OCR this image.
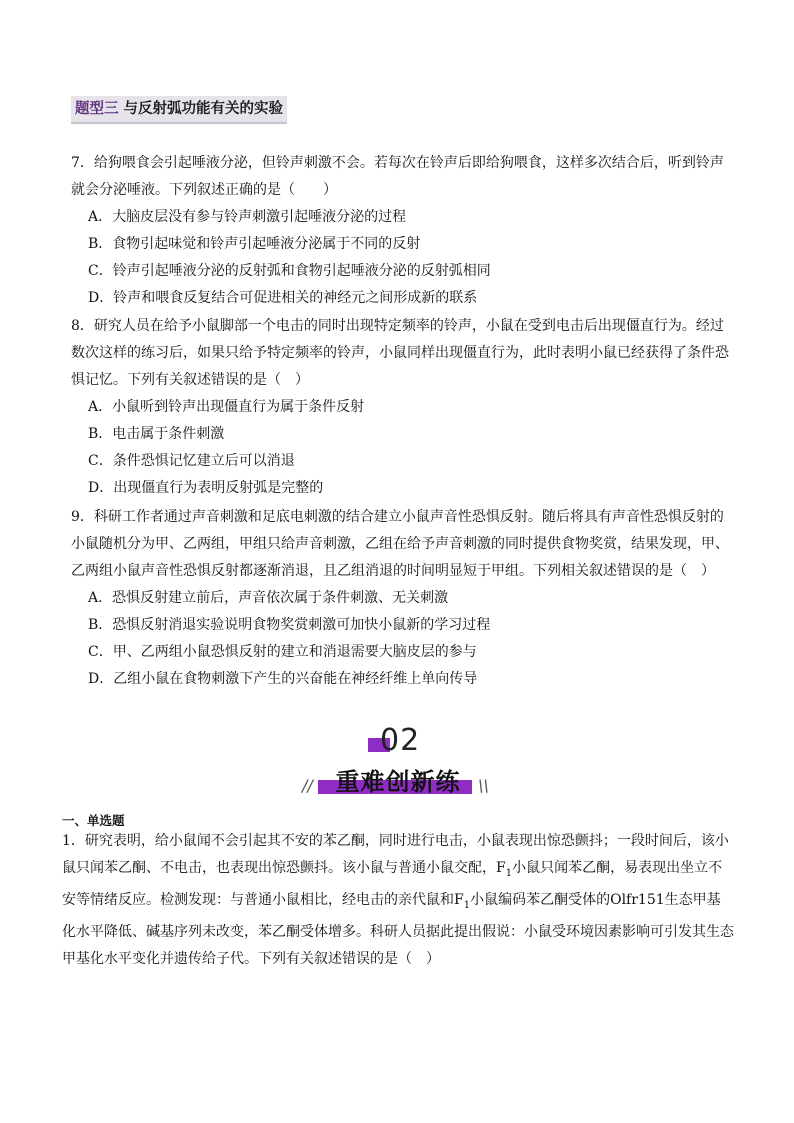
题型三 与反射弧功能有关的实验
7．给狗喂食会引起唾液分泌，但铃声刺激不会。若每次在铃声后即给狗喂食，这样多次结合后，听到铃声就会分泌唾液。下列叙述正确的是（　　）
A．大脑皮层没有参与铃声刺激引起唾液分泌的过程
B．食物引起味觉和铃声引起唾液分泌属于不同的反射
C．铃声引起唾液分泌的反射弧和食物引起唾液分泌的反射弧相同
D．铃声和喂食反复结合可促进相关的神经元之间形成新的联系
8．研究人员在给予小鼠脚部一个电击的同时出现特定频率的铃声，小鼠在受到电击后出现僵直行为。经过数次这样的练习后，如果只给予特定频率的铃声，小鼠同样出现僵直行为，此时表明小鼠已经获得了条件恐惧记忆。下列有关叙述错误的是（　）
A．小鼠听到铃声出现僵直行为属于条件反射
B．电击属于条件刺激
C．条件恐惧记忆建立后可以消退
D．出现僵直行为表明反射弧是完整的
9．科研工作者通过声音刺激和足底电刺激的结合建立小鼠声音性恐惧反射。随后将具有声音性恐惧反射的小鼠随机分为甲、乙两组，甲组只给声音刺激，乙组在给予声音刺激的同时提供食物奖赏，结果发现，甲、乙两组小鼠声音性恐惧反射都逐渐消退，且乙组消退的时间明显短于甲组。下列相关叙述错误的是（　）
A．恐惧反射建立前后，声音依次属于条件刺激、无关刺激
B．恐惧反射消退实验说明食物奖赏刺激可加快小鼠新的学习过程
C．甲、乙两组小鼠恐惧反射的建立和消退需要大脑皮层的参与
D．乙组小鼠在食物刺激下产生的兴奋能在神经纤维上单向传导
02
重难创新练
//	\\
一、单选题
1．研究表明，给小鼠闻不会引起其不安的苯乙酮，同时进行电击，小鼠表现出惊恐颤抖；一段时间后，该小鼠只闻苯乙酮、不电击，也表现出惊恐颤抖。该小鼠与普通小鼠交配，$F_1$小鼠只闻苯乙酮，易表现出坐立不安等情绪反应。检测发现：与普通小鼠相比，经电击的亲代鼠和$F_1$小鼠编码苯乙酮受体的Olfr151生态甲基化水平降低、碱基序列未改变，苯乙酮受体增多。科研人员据此提出假说：小鼠受环境因素影响可引发其生态甲基化水平变化并遗传给子代。下列有关叙述错误的是（　）
